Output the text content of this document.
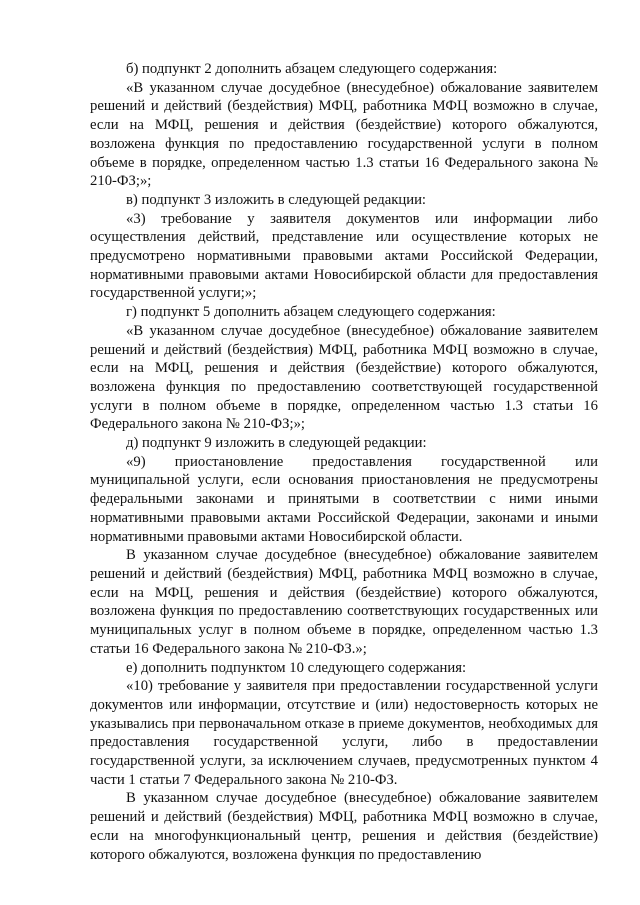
б) подпункт 2 дополнить абзацем следующего содержания:

«В указанном случае досудебное (внесудебное) обжалование заявителем решений и действий (бездействия) МФЦ, работника МФЦ возможно в случае, если на МФЦ, решения и действия (бездействие) которого обжалуются, возложена функция по предоставлению государственной услуги в полном объеме в порядке, определенном частью 1.3 статьи 16 Федерального закона № 210-ФЗ;»;

в) подпункт 3 изложить в следующей редакции:

«3) требование у заявителя документов или информации либо осуществления действий, представление или осуществление которых не предусмотрено нормативными правовыми актами Российской Федерации, нормативными правовыми актами Новосибирской области для предоставления государственной услуги;»;

г) подпункт 5 дополнить абзацем следующего содержания:

«В указанном случае досудебное (внесудебное) обжалование заявителем решений и действий (бездействия) МФЦ, работника МФЦ возможно в случае, если на МФЦ, решения и действия (бездействие) которого обжалуются, возложена функция по предоставлению соответствующей государственной услуги в полном объеме в порядке, определенном частью 1.3 статьи 16 Федерального закона № 210-ФЗ;»;

д) подпункт 9 изложить в следующей редакции:

«9) приостановление предоставления государственной или муниципальной услуги, если основания приостановления не предусмотрены федеральными законами и принятыми в соответствии с ними иными нормативными правовыми актами Российской Федерации, законами и иными нормативными правовыми актами Новосибирской области.

В указанном случае досудебное (внесудебное) обжалование заявителем решений и действий (бездействия) МФЦ, работника МФЦ возможно в случае, если на МФЦ, решения и действия (бездействие) которого обжалуются, возложена функция по предоставлению соответствующих государственных или муниципальных услуг в полном объеме в порядке, определенном частью 1.3 статьи 16 Федерального закона № 210-ФЗ.»;

е) дополнить подпунктом 10 следующего содержания:

«10) требование у заявителя при предоставлении государственной услуги документов или информации, отсутствие и (или) недостоверность которых не указывались при первоначальном отказе в приеме документов, необходимых для предоставления государственной услуги, либо в предоставлении государственной услуги, за исключением случаев, предусмотренных пунктом 4 части 1 статьи 7 Федерального закона № 210-ФЗ.

В указанном случае досудебное (внесудебное) обжалование заявителем решений и действий (бездействия) МФЦ, работника МФЦ возможно в случае, если на многофункциональный центр, решения и действия (бездействие) которого обжалуются, возложена функция по предоставлению
